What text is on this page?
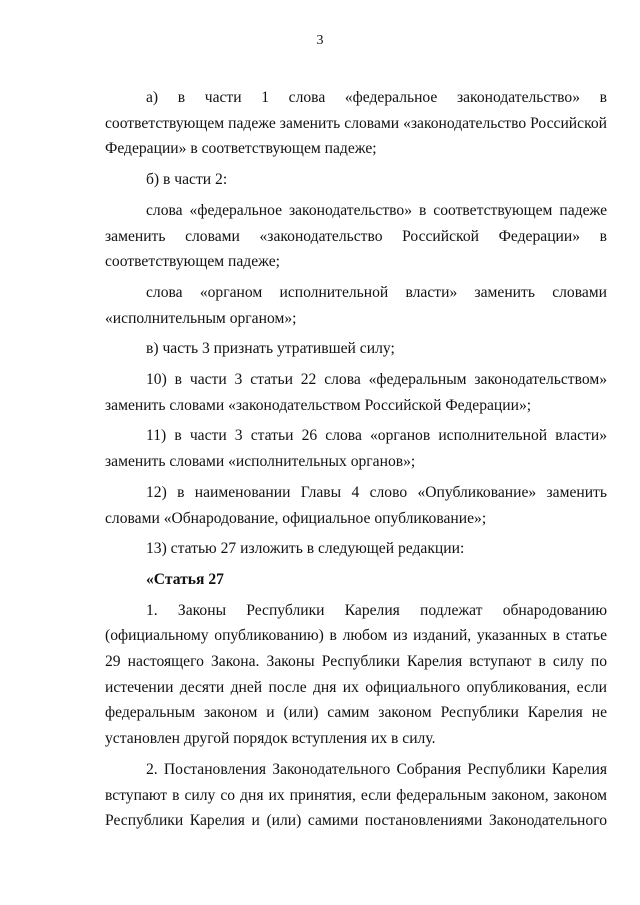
3

а) в части 1 слова «федеральное законодательство» в соответствующем падеже заменить словами «законодательство Российской Федерации» в соответствующем падеже;

б) в части 2:

слова «федеральное законодательство» в соответствующем падеже заменить словами «законодательство Российской Федерации» в соответствующем падеже;

слова «органом исполнительной власти» заменить словами «исполнительным органом»;

в) часть 3 признать утратившей силу;

10) в части 3 статьи 22 слова «федеральным законодательством» заменить словами «законодательством Российской Федерации»;

11) в части 3 статьи 26 слова «органов исполнительной власти» заменить словами «исполнительных органов»;

12) в наименовании Главы 4 слово «Опубликование» заменить словами «Обнародование, официальное опубликование»;

13) статью 27 изложить в следующей редакции:

«Статья 27

1. Законы Республики Карелия подлежат обнародованию (официальному опубликованию) в любом из изданий, указанных в статье 29 настоящего Закона. Законы Республики Карелия вступают в силу по истечении десяти дней после дня их официального опубликования, если федеральным законом и (или) самим законом Республики Карелия не установлен другой порядок вступления их в силу.

2. Постановления Законодательного Собрания Республики Карелия вступают в силу со дня их принятия, если федеральным законом, законом Республики Карелия и (или) самими постановлениями Законодательного
